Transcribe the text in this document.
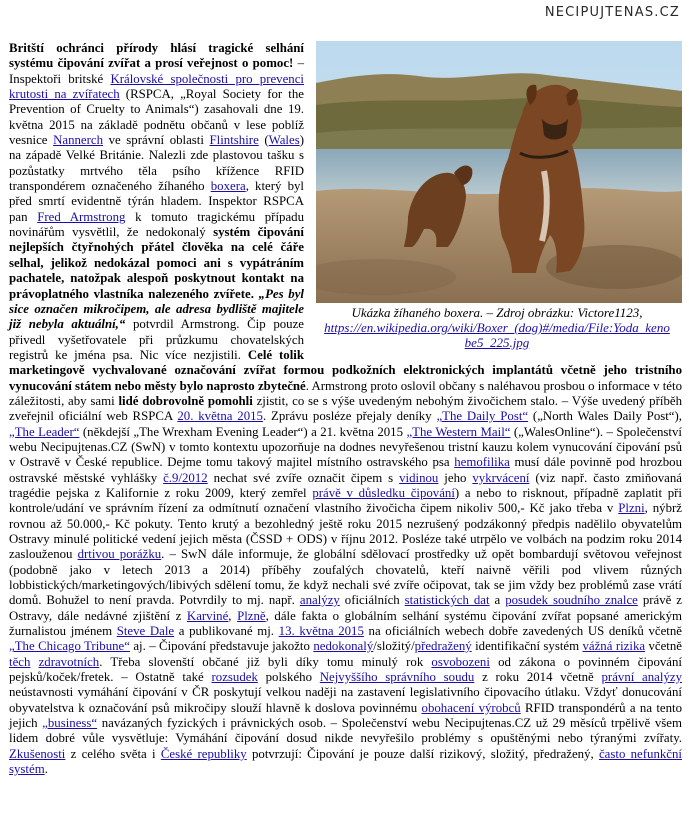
NECIPUJTENAS.CZ
Ukázka žíhaného boxera. – Zdroj obrázku: Victore1123,
https://en.wikipedia.org/wiki/Boxer_(dog)#/media/File:Yoda_keno be5_225.jpg

Britští ochránci přírody hlásí tragické selhání systému čipování zvířat a prosí veřejnost o pomoc! – Inspektoři britské Královské společnosti pro prevenci krutosti na zvířatech (RSPCA, „Royal Society for the Prevention of Cruelty to Animals“) zasahovali dne 19. května 2015 na základě podnětu občanů v lese poblíž vesnice Nannerch ve správní oblasti Flintshire (Wales) na západě Velké Británie. Nalezli zde plastovou tašku s pozůstatky mrtvého těla psího křížence RFID transpondérem označeného žíhaného boxera, který byl před smrtí evidentně týrán hladem. Inspektor RSPCA pan Fred Armstrong k tomuto tragickému případu novinářům vysvětlil, že nedokonalý systém čipování nejlepších čtyřnohých přátel člověka na celé čáře selhal, jelikož nedokázal pomoci ani s vypátráním pachatele, natožpak alespoň poskytnout kontakt na právoplatného vlastníka nalezeného zvířete. „Pes byl sice označen mikročipem, ale adresa bydliště majitele již nebyla aktuální,“ potvrdil Armstrong. Čip pouze přivedl vyšetřovatele při průzkumu chovatelských registrů ke jména psa. Nic více nezjistili. Celé tolik marketingově vychvalované označování zvířat formou podkožních elektronických implantátů včetně jeho tristního vynucování státem nebo městy bylo naprosto zbytečné. Armstrong proto oslovil občany s naléhavou prosbou o informace v této záležitosti, aby sami lidé dobrovolně pomohli zjistit, co se s výše uvedeným nebohým živočichem stalo. – Výše uvedený příběh zveřejnil oficiální web RSPCA 20. května 2015. Zprávu posléze přejaly deníky „The Daily Post“ („North Wales Daily Post“), „The Leader“ (někdejší „The Wrexham Evening Leader“) a 21. května 2015 „The Western Mail“ („WalesOnline“). – Společenství webu Necipujtenas.CZ (SwN) v tomto kontextu upozorňuje na dodnes nevyřešenou tristní kauzu kolem vynucování čipování psů v Ostravě v České republice. Dejme tomu takový majitel místního ostravského psa hemofilika musí dále povinně pod hrozbou ostravské městské vyhlášky č.9/2012 nechat své zvíře označit čipem s vidinou jeho vykrvácení (viz např. často zmiňovaná tragédie pejska z Kalifornie z roku 2009, který zemřel právě v důsledku čipování) a nebo to risknout, případně zaplatit při kontrole/udání ve správním řízení za odmítnutí označení vlastního živočicha čipem nikoliv 500,- Kč jako třeba v Plzni, nýbrž rovnou až 50.000,- Kč pokuty. Tento krutý a bezohledný ještě roku 2015 nezrušený podzákonný předpis nadělilo obyvatelům Ostravy minulé politické vedení jejich města (ČSSD + ODS) v říjnu 2012. Posléze také utrpělo ve volbách na podzim roku 2014 zaslouženou drtivou porážku. – SwN dále informuje, že globální sdělovací prostředky už opět bombardují světovou veřejnost (podobně jako v letech 2013 a 2014) příběhy zoufalých chovatelů, kteří naivně věřili pod vlivem různých lobbistických/marketingových/libivých sdělení tomu, že když nechali své zvíře očipovat, tak se jim vždy bez problémů zase vrátí domů. Bohužel to není pravda. Potvrdily to mj. např. analýzy oficiálních statistických dat a posudek soudního znalce právě z Ostravy, dále nedávné zjištění z Karviné, Plzně, dále fakta o globálním selhání systému čipování zvířat popsané americkým žurnalistou jménem Steve Dale a publikované mj. 13. května 2015 na oficiálních webech dobře zavedených US deníků včetně „The Chicago Tribune“ aj. – Čipování představuje jakožto nedokonalý/složitý/předražený identifikační systém vážná rizika včetně těch zdravotních. Třeba slovenští občané již byli díky tomu minulý rok osvobozeni od zákona o povinném čipování pejsků/koček/fretek. – Ostatně také rozsudek polského Nejvyššího správního soudu z roku 2014 včetně právní analýzy neústavnosti vymáhání čipování v ČR poskytují velkou naději na zastavení legislativního čipovacího útlaku. Vždyť donucování obyvatelstva k označování psů mikročipy slouží hlavně k doslova povinnému obohacení výrobců RFID transpondérů a na tento jejich „business“ navázaných fyzických i právnických osob. – Společenství webu Necipujtenas.CZ už 29 měsíců trpělivě všem lidem dobré vůle vysvětluje: Vymáhání čipování dosud nikde nevyřešilo problémy s opuštěnými nebo týranými zvířaty. Zkušenosti z celého světa i České republiky potvrzují: Čipování je pouze další rizikový, složitý, předražený, často nefunkční systém.
